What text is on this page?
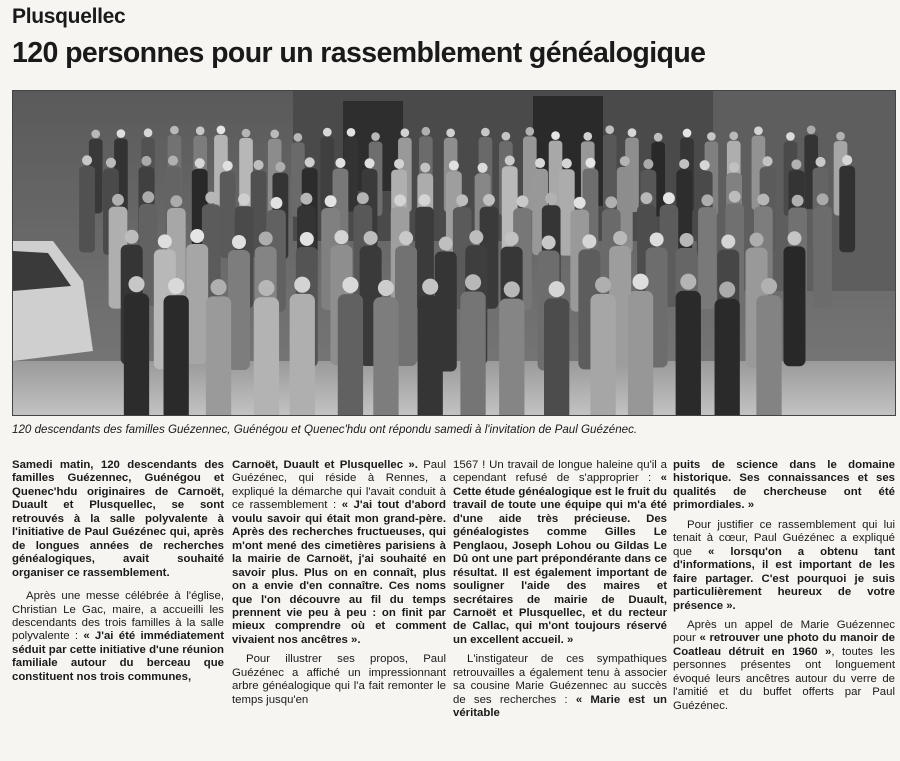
Plusquellec
120 personnes pour un rassemblement généalogique
120 descendants des familles Guézennec, Guénégou et Quenec'hdu ont répondu samedi à l'invitation de Paul Guézénec.

Samedi matin, 120 descendants des familles Guézennec, Guénégou et Quenec'hdu originaires de Carnoët, Duault et Plusquellec, se sont retrouvés à la salle polyvalente à l'initiative de Paul Guézénec qui, après de longues années de recherches généalogiques, avait souhaité organiser ce rassemblement.

Après une messe célébrée à l'église, Christian Le Gac, maire, a accueilli les descendants des trois familles à la salle polyvalente : « J'ai été immédiatement séduit par cette initiative d'une réunion familiale autour du berceau que constituent nos trois communes,

Carnoët, Duault et Plusquellec ». Paul Guézénec, qui réside à Rennes, a expliqué la démarche qui l'avait conduit à ce rassemblement : « J'ai tout d'abord voulu savoir qui était mon grand-père. Après des recherches fructueuses, qui m'ont mené des cimetières parisiens à la mairie de Carnoët, j'ai souhaité en savoir plus. Plus on en connaît, plus on a envie d'en connaître. Ces noms que l'on découvre au fil du temps prennent vie peu à peu : on finit par mieux comprendre où et comment vivaient nos ancêtres ».

Pour illustrer ses propos, Paul Guézénec a affiché un impressionnant arbre généalogique qui l'a fait remonter le temps jusqu'en

1567 ! Un travail de longue haleine qu'il a cependant refusé de s'approprier : « Cette étude généalogique est le fruit du travail de toute une équipe qui m'a été d'une aide très précieuse. Des généalogistes comme Gilles Le Penglaou, Joseph Lohou ou Gildas Le Dû ont une part prépondérante dans ce résultat. Il est également important de souligner l'aide des maires et secrétaires de mairie de Duault, Carnoët et Plusquellec, et du recteur de Callac, qui m'ont toujours réservé un excellent accueil. »

L'instigateur de ces sympathiques retrouvailles a également tenu à associer sa cousine Marie Guézennec au succès de ses recherches : « Marie est un véritable

puits de science dans le domaine historique. Ses connaissances et ses qualités de chercheuse ont été primordiales. »

Pour justifier ce rassemblement qui lui tenait à cœur, Paul Guézénec a expliqué que « lorsqu'on a obtenu tant d'informations, il est important de les faire partager. C'est pourquoi je suis particulièrement heureux de votre présence ».

Après un appel de Marie Guézennec pour « retrouver une photo du manoir de Coatleau détruit en 1960 », toutes les personnes présentes ont longuement évoqué leurs ancêtres autour du verre de l'amitié et du buffet offerts par Paul Guézénec.
